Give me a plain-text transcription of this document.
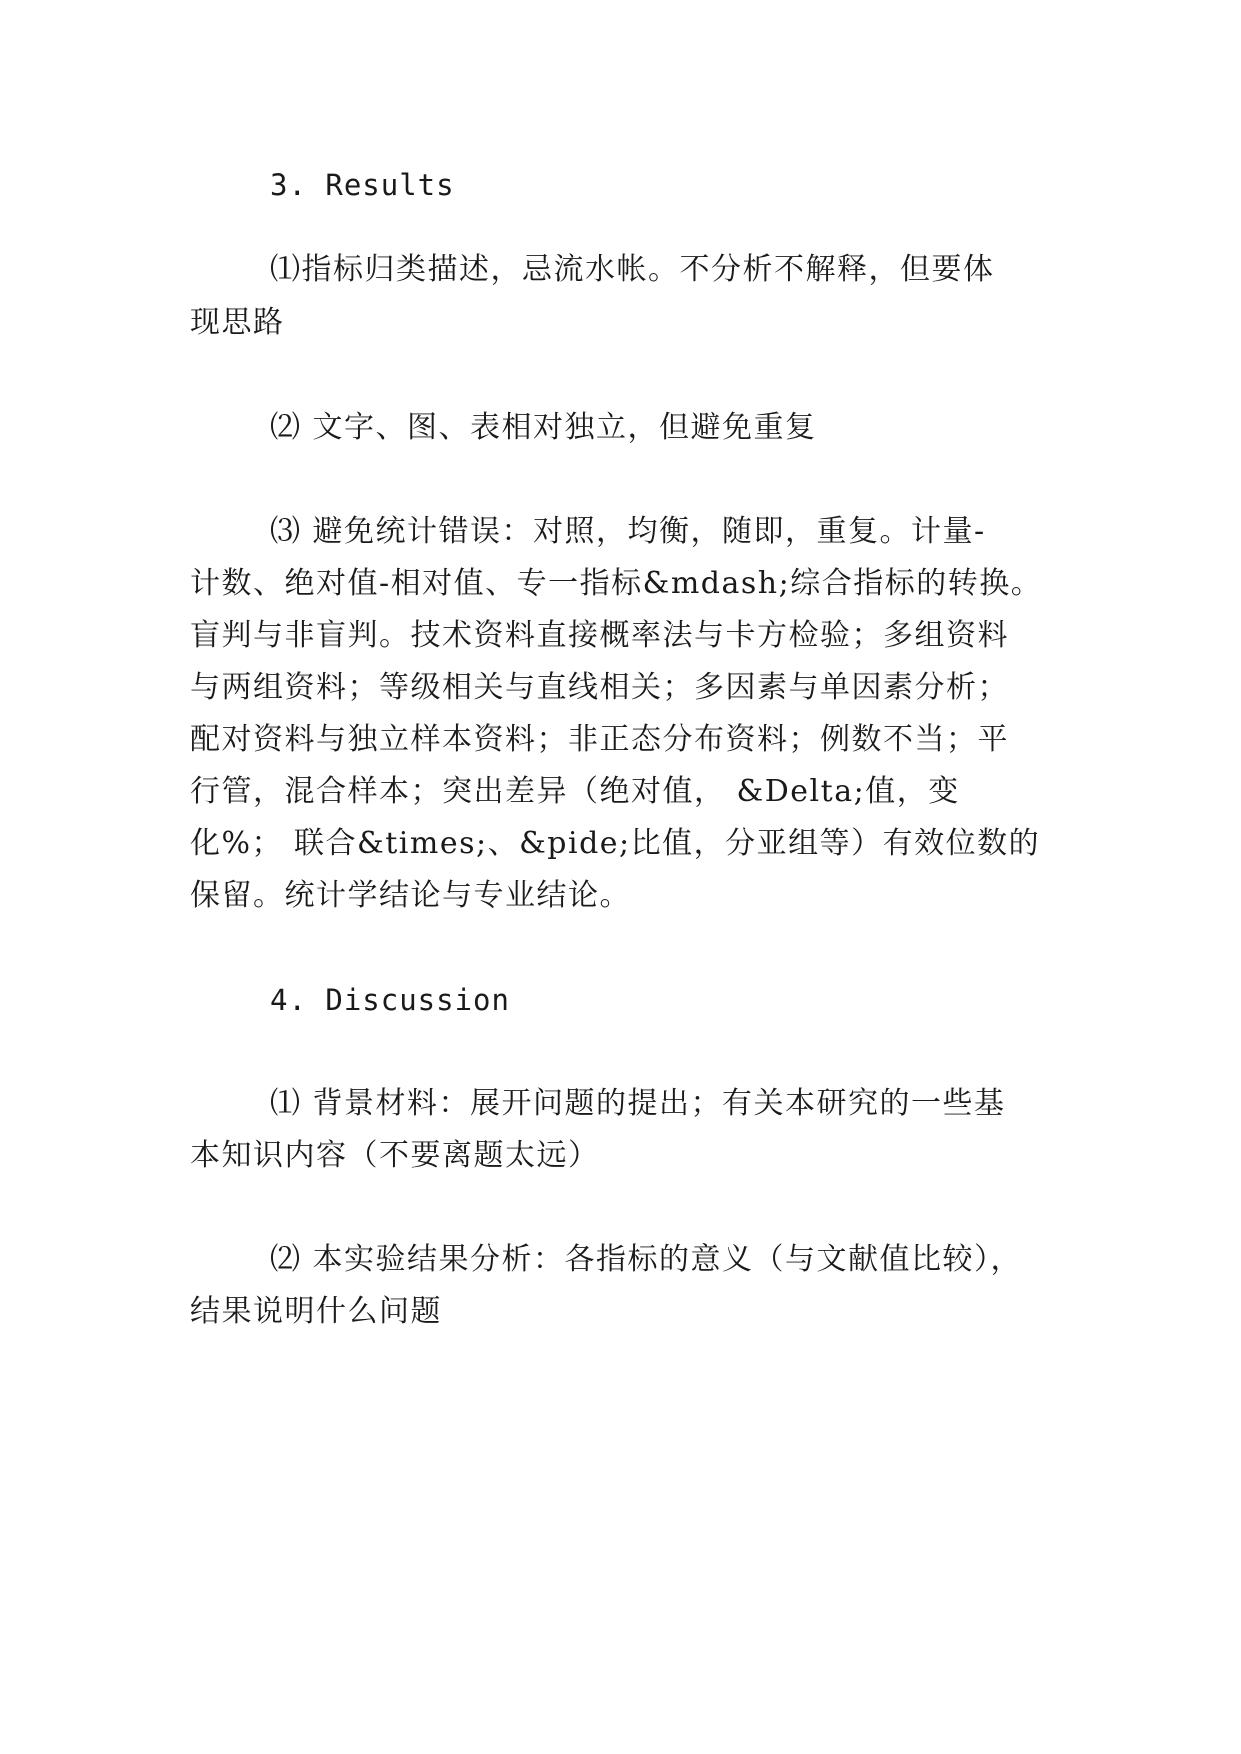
3. Results

⑴指标归类描述，忌流水帐。不分析不解释，但要体

现思路

⑵ 文字、图、表相对独立，但避免重复

⑶ 避免统计错误：对照，均衡，随即，重复。计量-

计数、绝对值-相对值、专一指标&mdash;综合指标的转换。

盲判与非盲判。技术资料直接概率法与卡方检验；多组资料

与两组资料；等级相关与直线相关；多因素与单因素分析；

配对资料与独立样本资料；非正态分布资料；例数不当；平

行管，混合样本；突出差异（绝对值， &Delta;值，变

化%； 联合&times;、&pide;比值，分亚组等）有效位数的

保留。统计学结论与专业结论。

4. Discussion

⑴ 背景材料：展开问题的提出；有关本研究的一些基

本知识内容（不要离题太远）

⑵ 本实验结果分析：各指标的意义（与文献值比较），

结果说明什么问题
